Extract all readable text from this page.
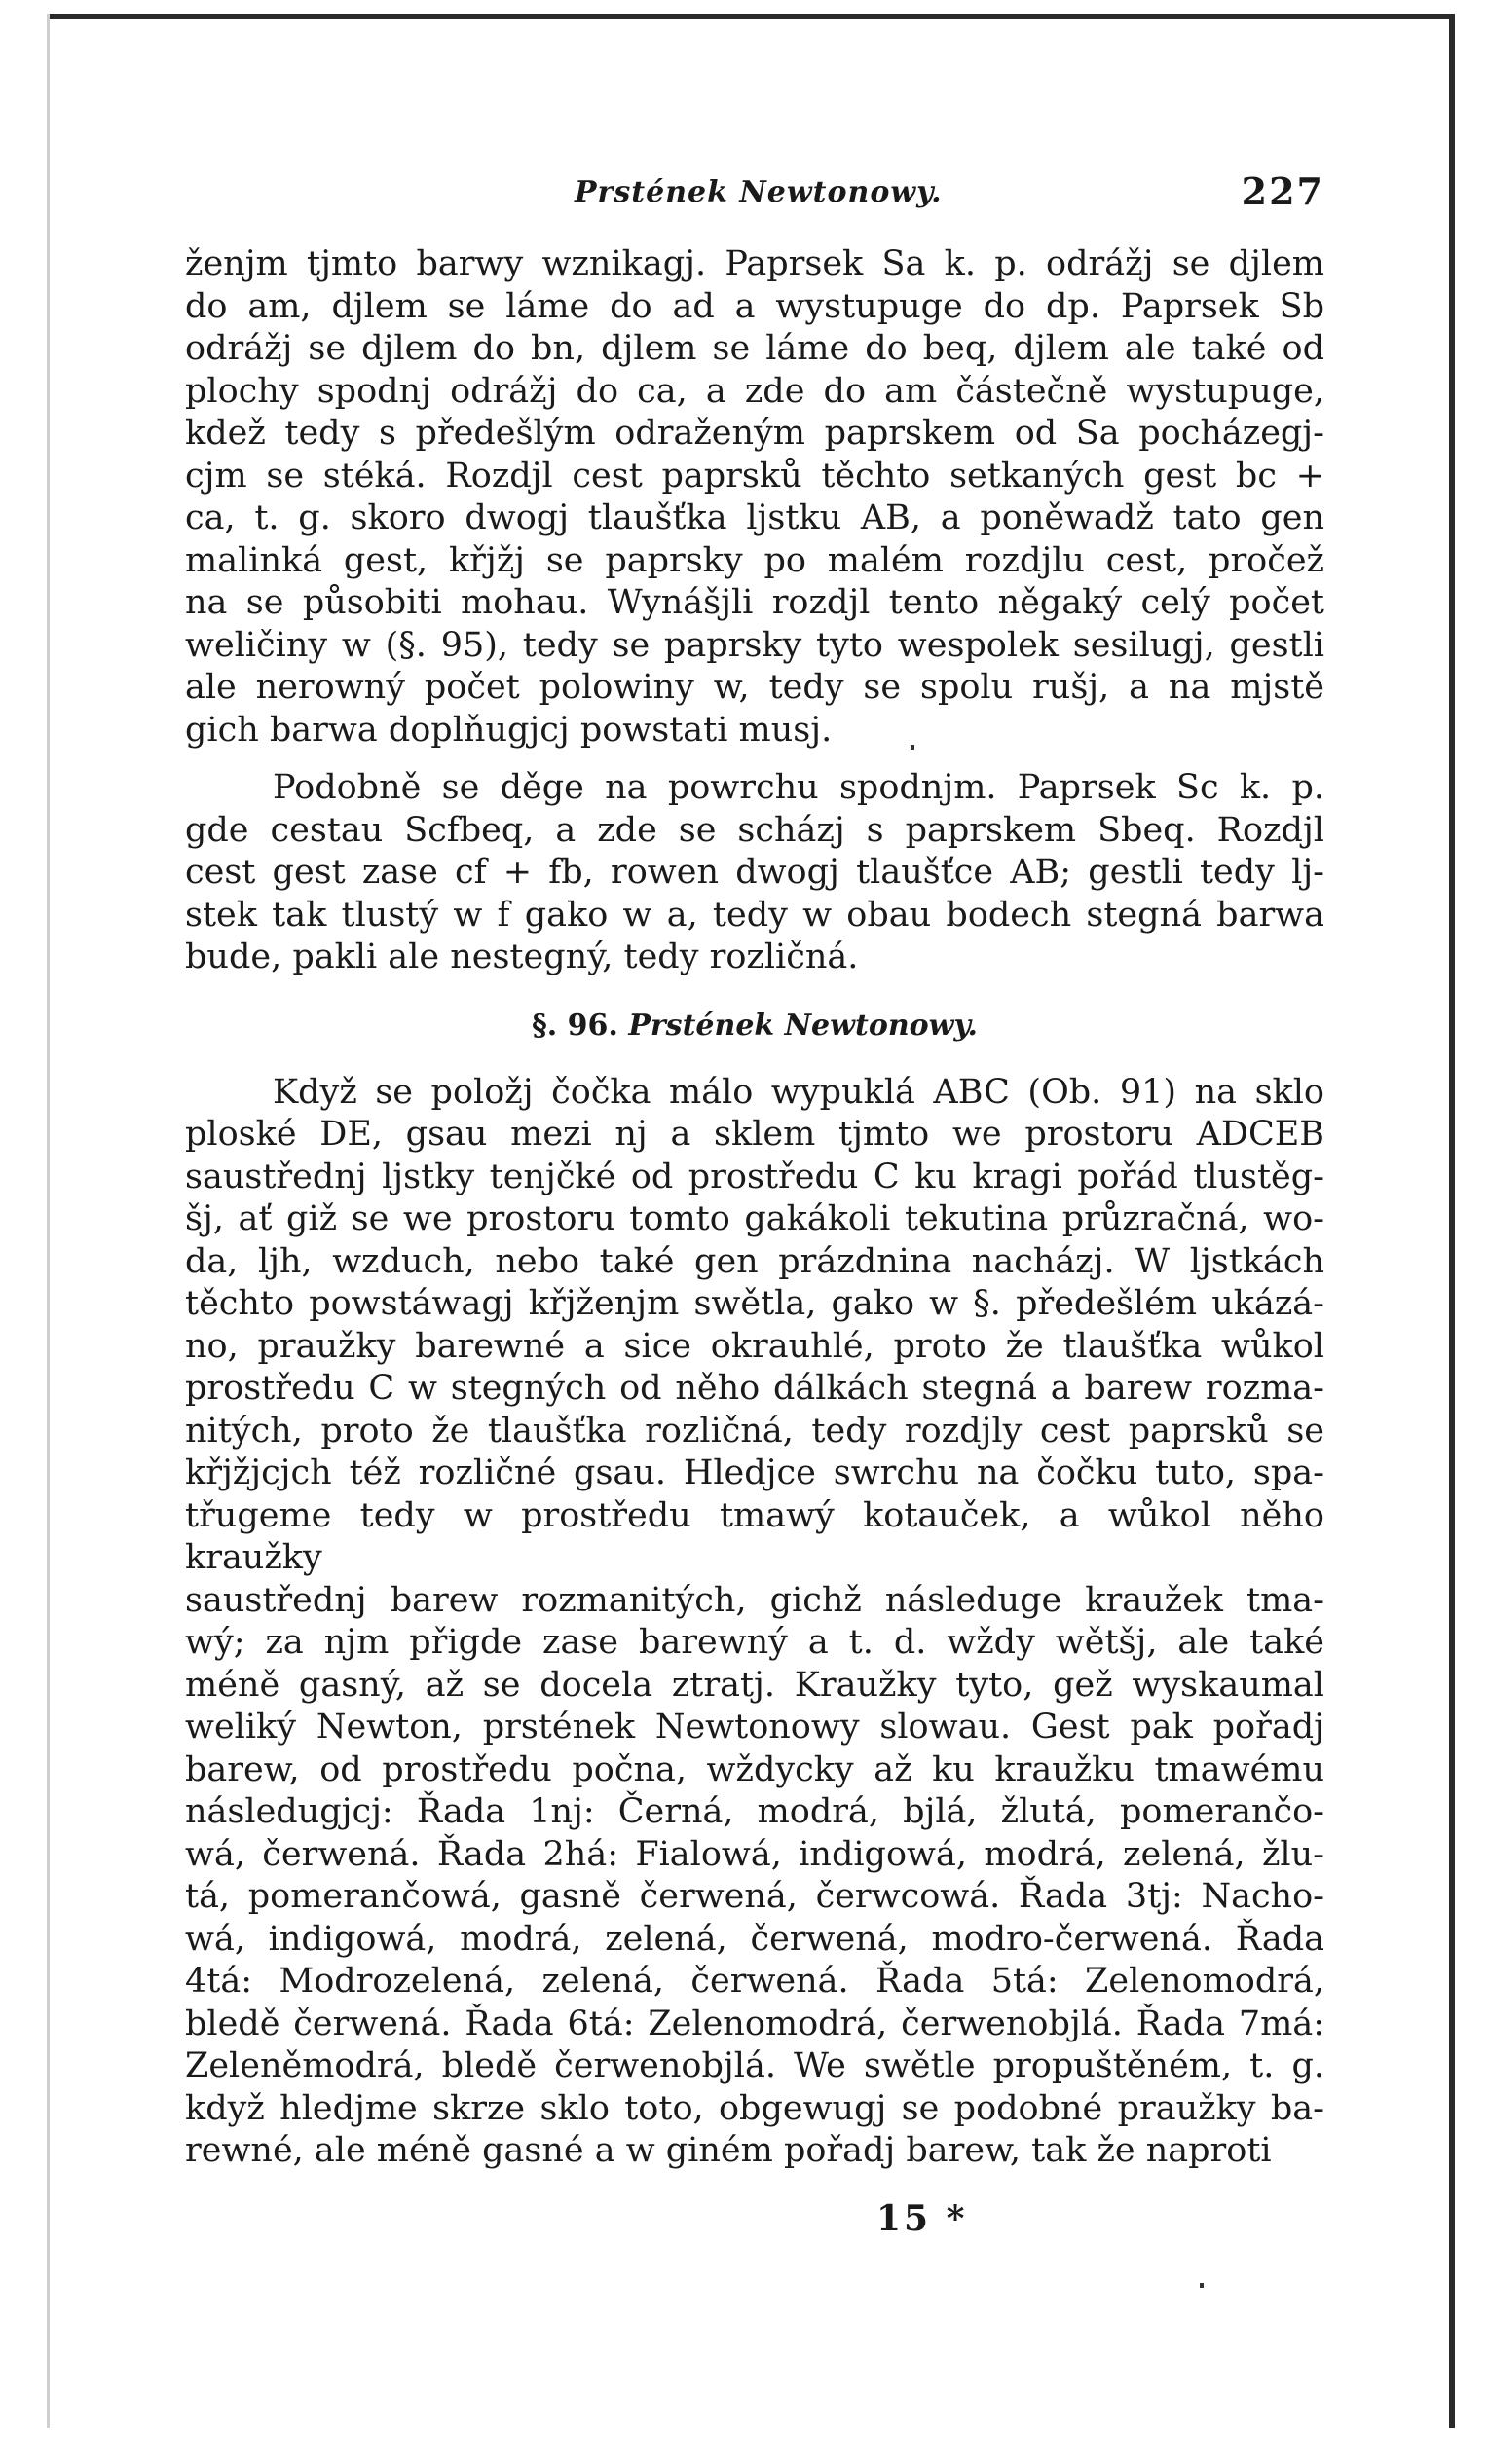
Prstének Newtonowy.	227
ženjm tjmto barwy wznikagj. Paprsek Sa k. p. odrážj se djlem
do am, djlem se láme do ad a wystupuge do dp. Paprsek Sb
odrážj se djlem do bn, djlem se láme do beq, djlem ale také od
plochy spodnj odrážj do ca, a zde do am částečně wystupuge,
kdež tedy s předešlým odraženým paprskem od Sa pocházegj-
cjm se stéká. Rozdjl cest paprsků těchto setkaných gest bc +
ca, t. g. skoro dwogj tlaušťka ljstku AB, a poněwadž tato gen
malinká gest, křjžj se paprsky po malém rozdjlu cest, pročež
na se působiti mohau. Wynášjli rozdjl tento něgaký celý počet
weličiny w (§. 95), tedy se paprsky tyto wespolek sesilugj, gestli
ale nerowný počet polowiny w, tedy se spolu rušj, a na mjstě
gich barwa doplňugjcj powstati musj.
Podobně se děge na powrchu spodnjm. Paprsek Sc k. p.
gde cestau Scfbeq, a zde se scházj s paprskem Sbeq. Rozdjl
cest gest zase cf + fb, rowen dwogj tlaušťce AB; gestli tedy lj-
stek tak tlustý w f gako w a, tedy w obau bodech stegná barwa
bude, pakli ale nestegný, tedy rozličná.
§. 96. Prstének Newtonowy.
Když se položj čočka málo wypuklá ABC (Ob. 91) na sklo
ploské DE, gsau mezi nj a sklem tjmto we prostoru ADCEB
saustřednj ljstky tenjčké od prostředu C ku kragi pořád tlustěg-
šj, ať giž se we prostoru tomto gakákoli tekutina průzračná, wo-
da, ljh, wzduch, nebo také gen prázdnina nacházj. W ljstkách
těchto powstáwagj křjženjm swětla, gako w §. předešlém ukázá-
no, praužky barewné a sice okrauhlé, proto že tlaušťka wůkol
prostředu C w stegných od něho dálkách stegná a barew rozma-
nitých, proto že tlaušťka rozličná, tedy rozdjly cest paprsků se
křjžjcjch též rozličné gsau. Hledjce swrchu na čočku tuto, spa-
třugeme tedy w prostředu tmawý kotauček, a wůkol něho kraužky
saustřednj barew rozmanitých, gichž následuge kraužek tma-
wý; za njm přigde zase barewný a t. d. wždy wětšj, ale také
méně gasný, až se docela ztratj. Kraužky tyto, gež wyskaumal
weliký Newton, prstének Newtonowy slowau. Gest pak pořadj
barew, od prostředu počna, wždycky až ku kraužku tmawému
následugjcj: Řada 1nj: Černá, modrá, bjlá, žlutá, pomerančo-
wá, čerwená. Řada 2há: Fialowá, indigowá, modrá, zelená, žlu-
tá, pomerančowá, gasně čerwená, čerwcowá. Řada 3tj: Nacho-
wá, indigowá, modrá, zelená, čerwená, modro-čerwená. Řada
4tá: Modrozelená, zelená, čerwená. Řada 5tá: Zelenomodrá,
bledě čerwená. Řada 6tá: Zelenomodrá, čerwenobjlá. Řada 7má:
Zeleněmodrá, bledě čerwenobjlá. We swětle propuštěném, t. g.
když hledjme skrze sklo toto, obgewugj se podobné praužky ba-
rewné, ale méně gasné a w giném pořadj barew, tak že naproti
15 *
